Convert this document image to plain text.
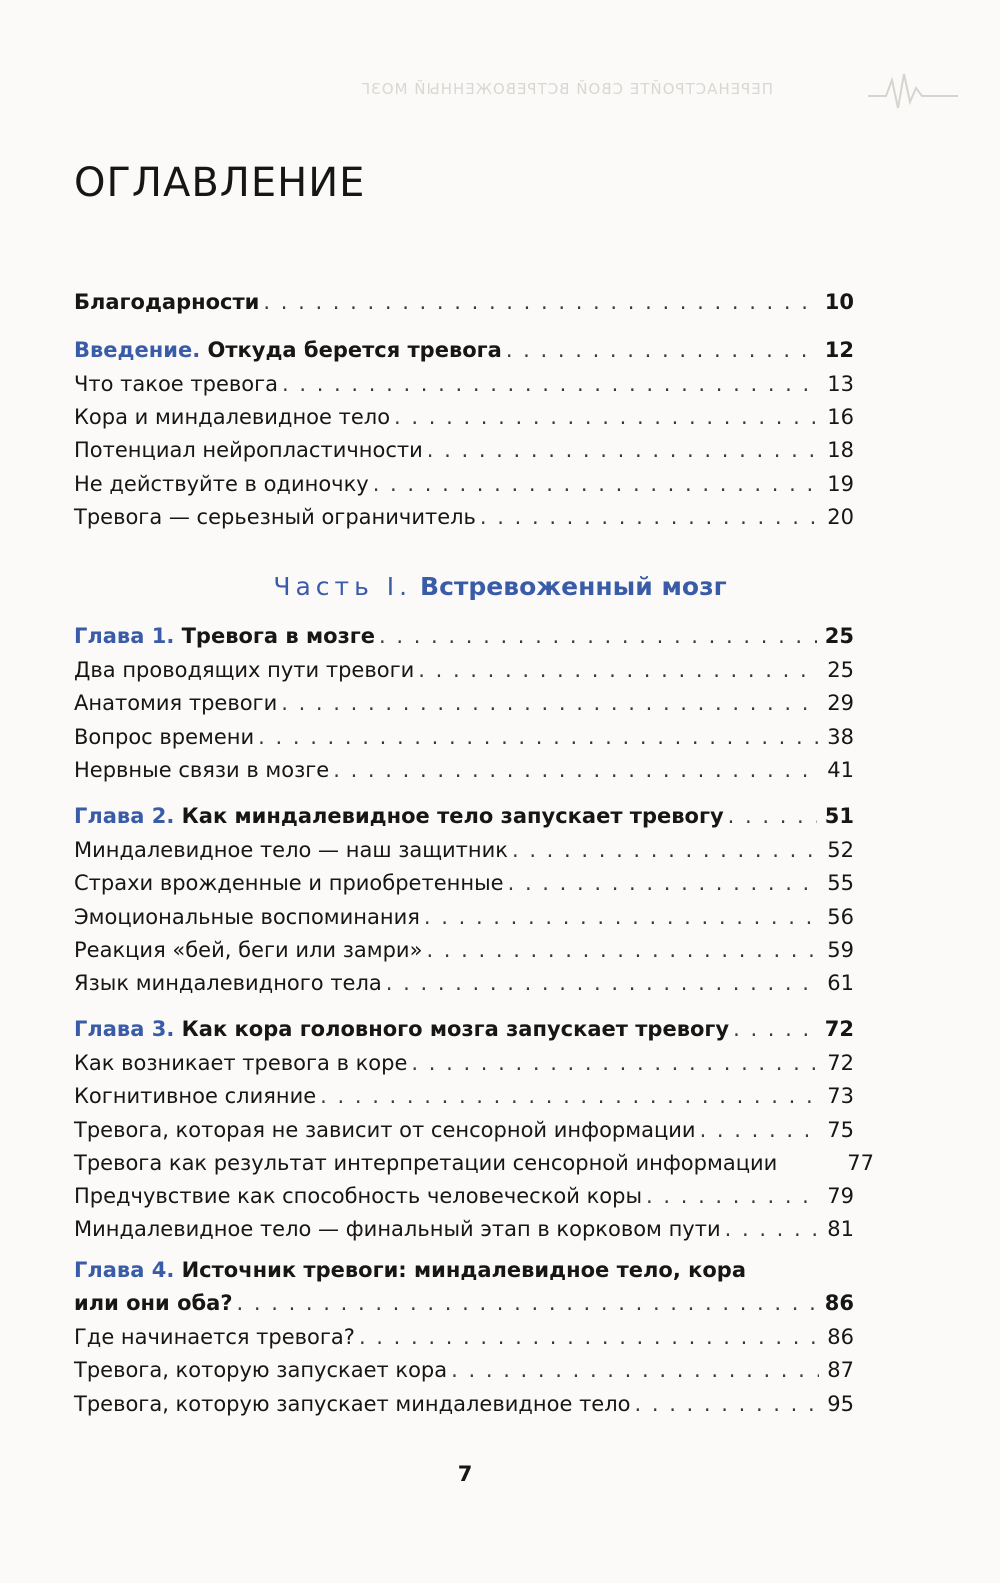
ПЕРЕНАСТРОЙТЕ СВОЙ ВСТРЕВОЖЕННЫЙ МОЗГ
ОГЛАВЛЕНИЕ
Благодарности . . .	10
Введение. Откуда берется тревога . . .	12
Что такое тревога . . .	13
Кора и миндалевидное тело . . .	16
Потенциал нейропластичности . . .	18
Не действуйте в одиночку . . .	19
Тревога — серьезный ограничитель . . .	20
Часть I. Встревоженный мозг
Глава 1. Тревога в мозге . . .	25
Два проводящих пути тревоги . . .	25
Анатомия тревоги . . .	29
Вопрос времени . . .	38
Нервные связи в мозге . . .	41
Глава 2. Как миндалевидное тело запускает тревогу . . .	51
Миндалевидное тело — наш защитник . . .	52
Страхи врожденные и приобретенные . . .	55
Эмоциональные воспоминания . . .	56
Реакция «бей, беги или замри» . . .	59
Язык миндалевидного тела . . .	61
Глава 3. Как кора головного мозга запускает тревогу . . .	72
Как возникает тревога в коре . . .	72
Когнитивное слияние . . .	73
Тревога, которая не зависит от сенсорной информации . . .	75
Тревога как результат интерпретации сенсорной информации	77
Предчувствие как способность человеческой коры . . .	79
Миндалевидное тело — финальный этап в корковом пути . . .	81
Глава 4. Источник тревоги: миндалевидное тело, кора
или они оба? . . .	86
Где начинается тревога? . . .	86
Тревога, которую запускает кора . . .	87
Тревога, которую запускает миндалевидное тело . . .	95
7
